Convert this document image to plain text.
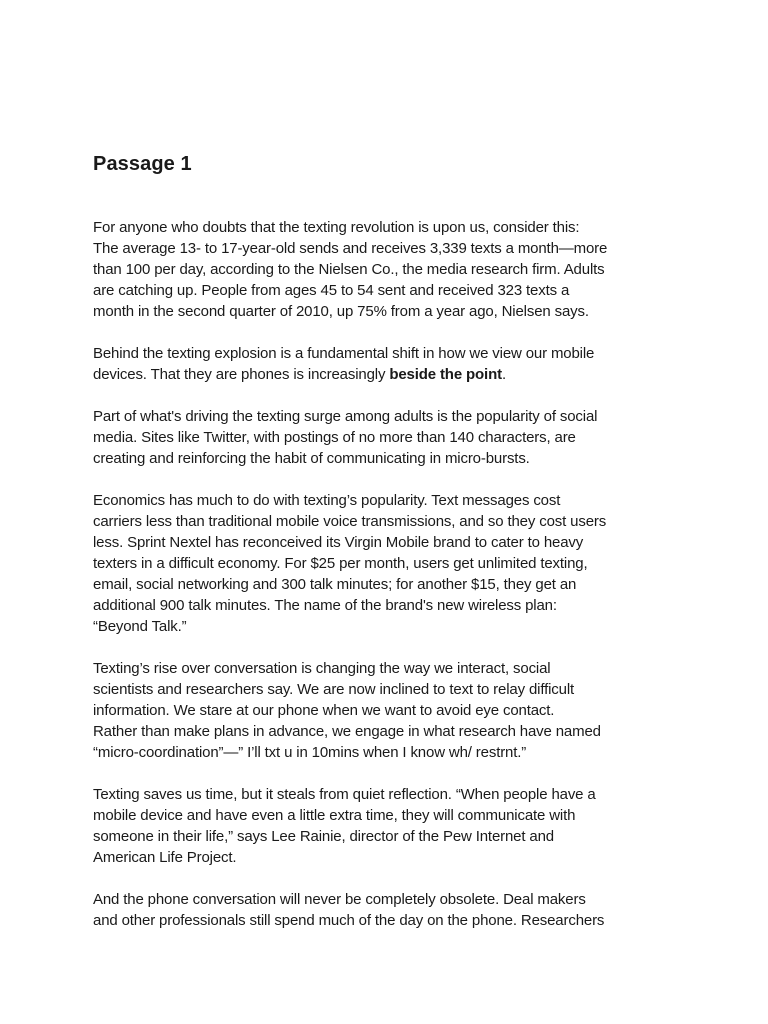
Passage 1

For anyone who doubts that the texting revolution is upon us, consider this:
The average 13- to 17-year-old sends and receives 3,339 texts a month—more
than 100 per day, according to the Nielsen Co., the media research firm. Adults
are catching up. People from ages 45 to 54 sent and received 323 texts a
month in the second quarter of 2010, up 75% from a year ago, Nielsen says.

Behind the texting explosion is a fundamental shift in how we view our mobile
devices. That they are phones is increasingly beside the point.

Part of what's driving the texting surge among adults is the popularity of social
media. Sites like Twitter, with postings of no more than 140 characters, are
creating and reinforcing the habit of communicating in micro-bursts.

Economics has much to do with texting’s popularity. Text messages cost
carriers less than traditional mobile voice transmissions, and so they cost users
less. Sprint Nextel has reconceived its Virgin Mobile brand to cater to heavy
texters in a difficult economy. For $25 per month, users get unlimited texting,
email, social networking and 300 talk minutes; for another $15, they get an
additional 900 talk minutes. The name of the brand's new wireless plan:
“Beyond Talk.”

Texting’s rise over conversation is changing the way we interact, social
scientists and researchers say. We are now inclined to text to relay difficult
information. We stare at our phone when we want to avoid eye contact.
Rather than make plans in advance, we engage in what research have named
“micro-coordination”—” I’ll txt u in 10mins when I know wh/ restrnt.”

Texting saves us time, but it steals from quiet reflection. “When people have a
mobile device and have even a little extra time, they will communicate with
someone in their life,” says Lee Rainie, director of the Pew Internet and
American Life Project.

And the phone conversation will never be completely obsolete. Deal makers
and other professionals still spend much of the day on the phone. Researchers
